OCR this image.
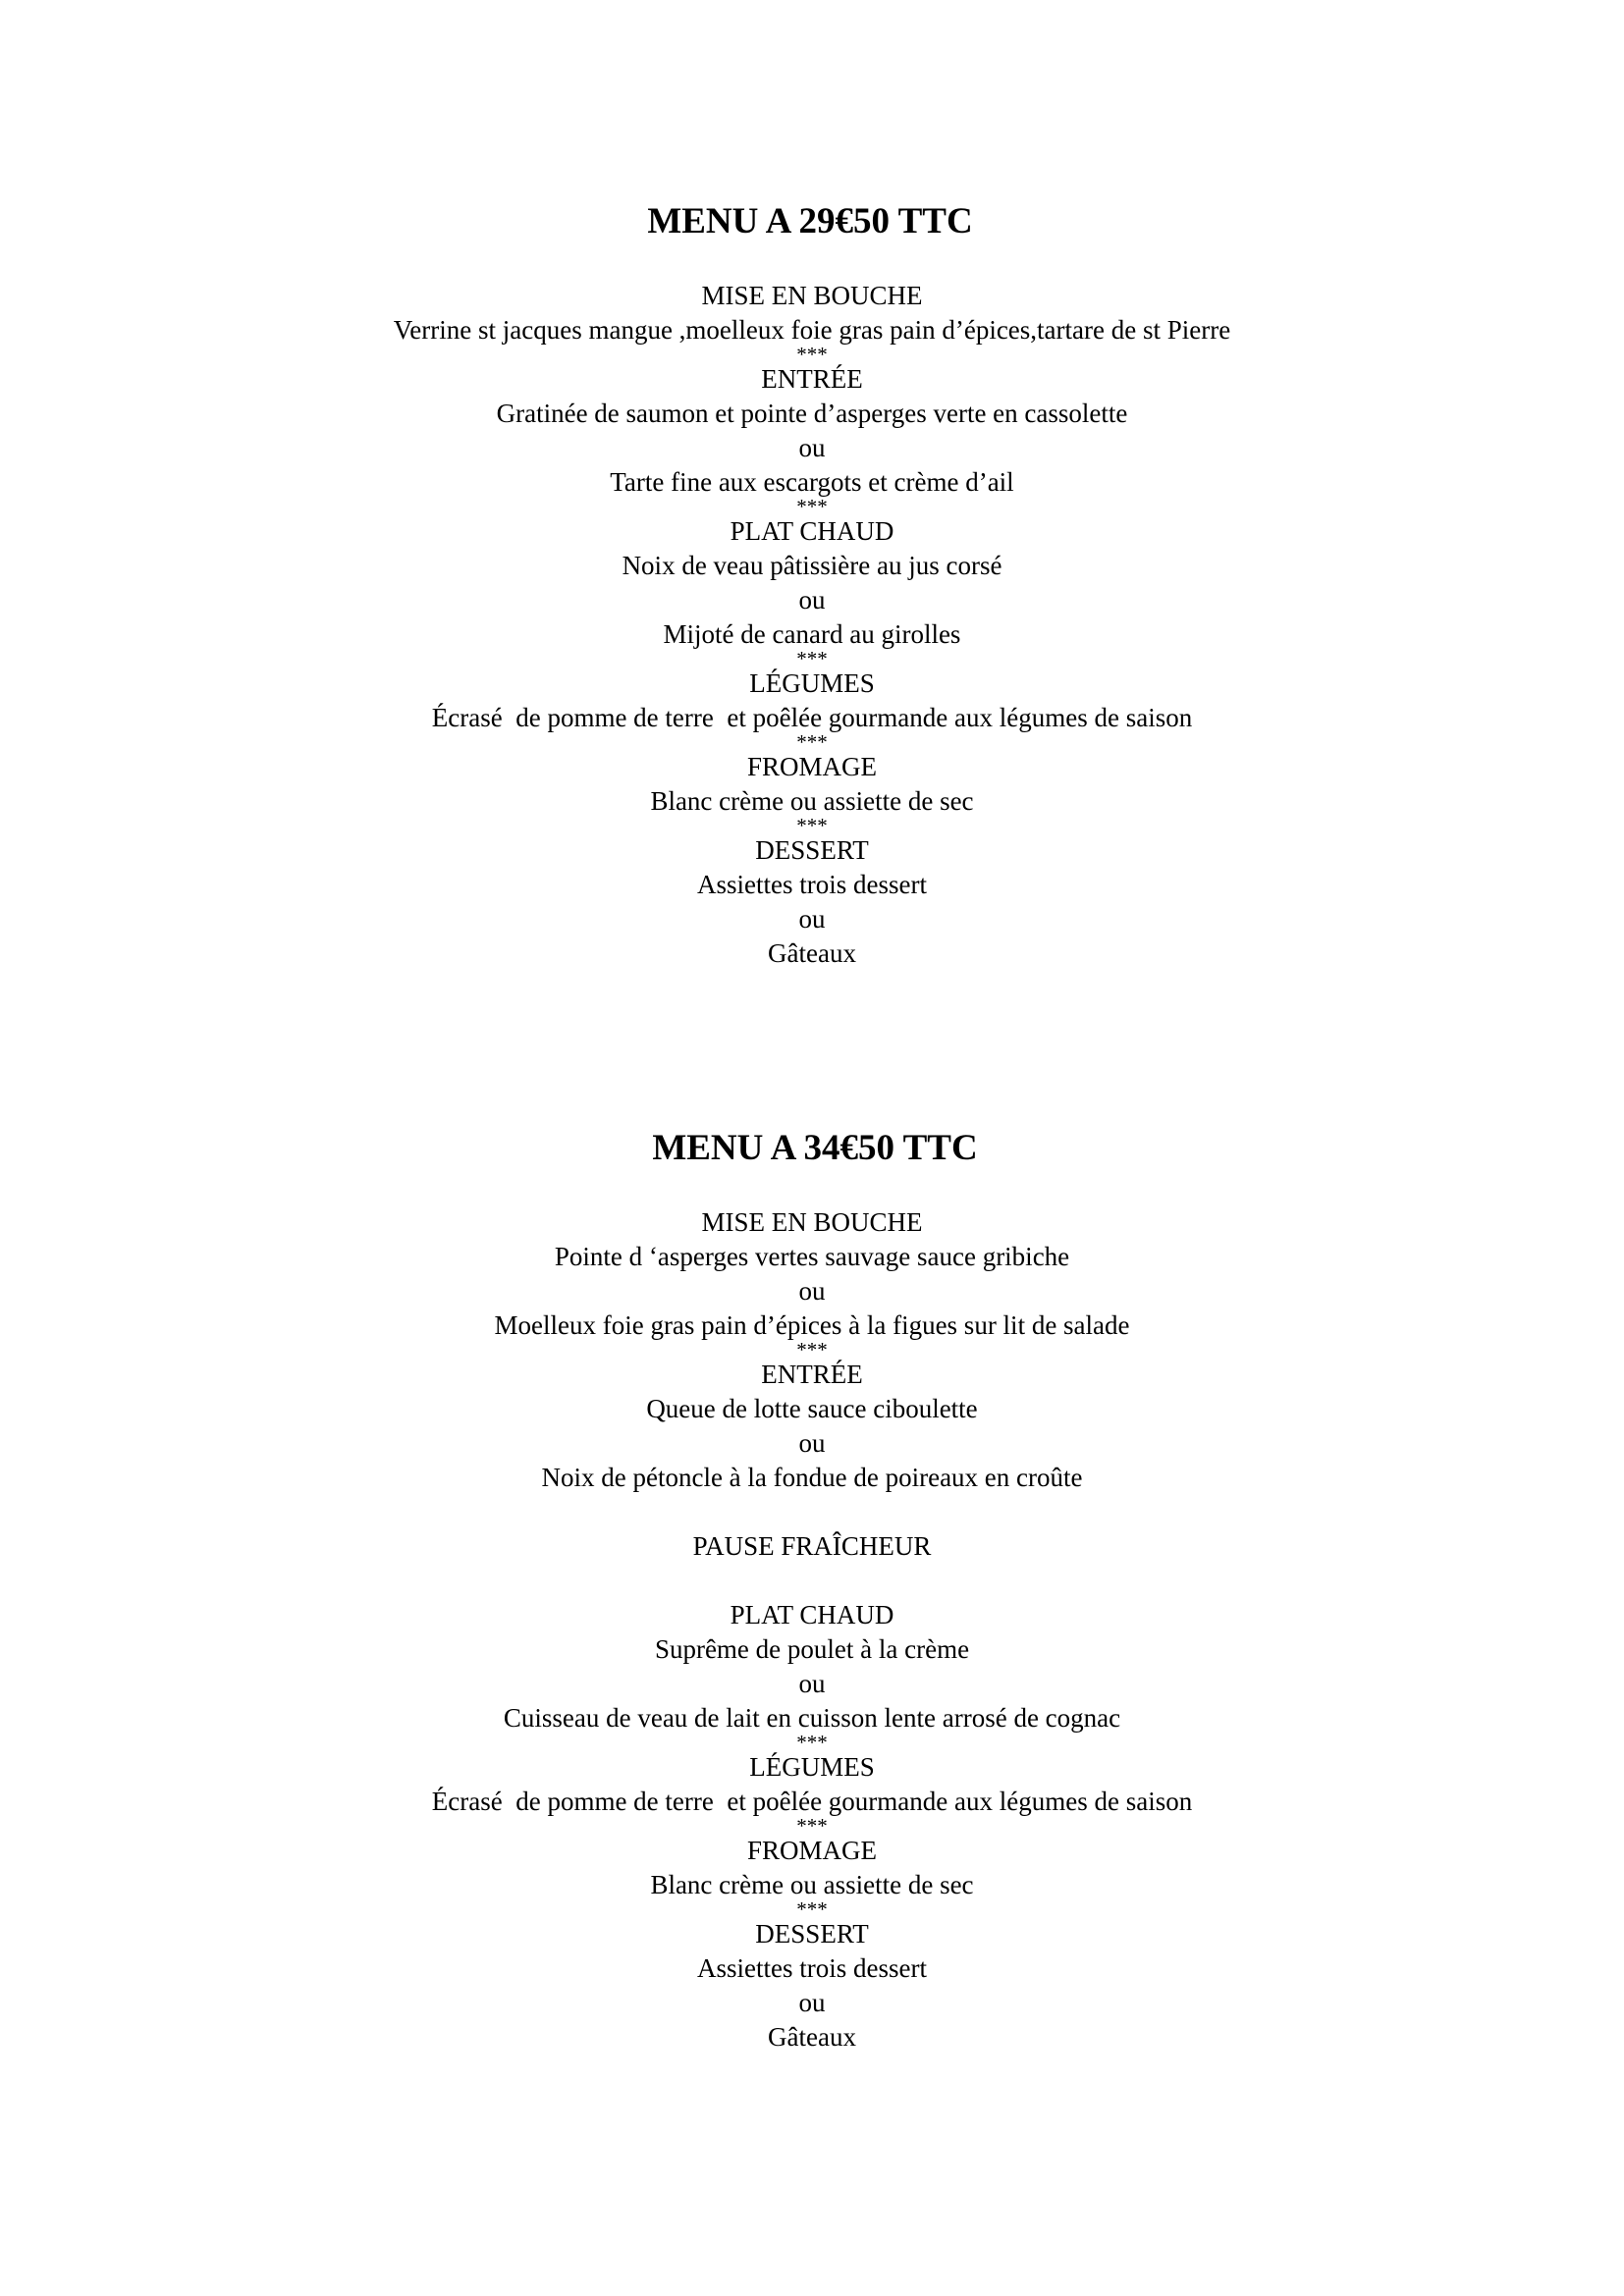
MENU A 29€50 TTC
MISE EN BOUCHE
Verrine st jacques mangue ,moelleux foie gras pain d’épices,tartare de st Pierre
***
ENTRÉE
Gratinée de saumon et pointe d’asperges verte en cassolette
ou
Tarte fine aux escargots et crème d’ail
***
PLAT CHAUD
Noix de veau pâtissière au jus corsé
ou
Mijoté de canard au girolles
***
LÉGUMES
Écrasé  de pomme de terre  et poêlée gourmande aux légumes de saison
***
FROMAGE
Blanc crème ou assiette de sec
***
DESSERT
Assiettes trois dessert
ou
Gâteaux
MENU A 34€50 TTC
MISE EN BOUCHE
Pointe d ‘asperges vertes sauvage sauce gribiche
ou
Moelleux foie gras pain d’épices à la figues sur lit de salade
***
ENTRÉE
Queue de lotte sauce ciboulette
ou
Noix de pétoncle à la fondue de poireaux en croûte
PAUSE FRAÎCHEUR
PLAT CHAUD
Suprême de poulet à la crème
ou
Cuisseau de veau de lait en cuisson lente arrosé de cognac
***
LÉGUMES
Écrasé  de pomme de terre  et poêlée gourmande aux légumes de saison
***
FROMAGE
Blanc crème ou assiette de sec
***
DESSERT
Assiettes trois dessert
ou
Gâteaux
